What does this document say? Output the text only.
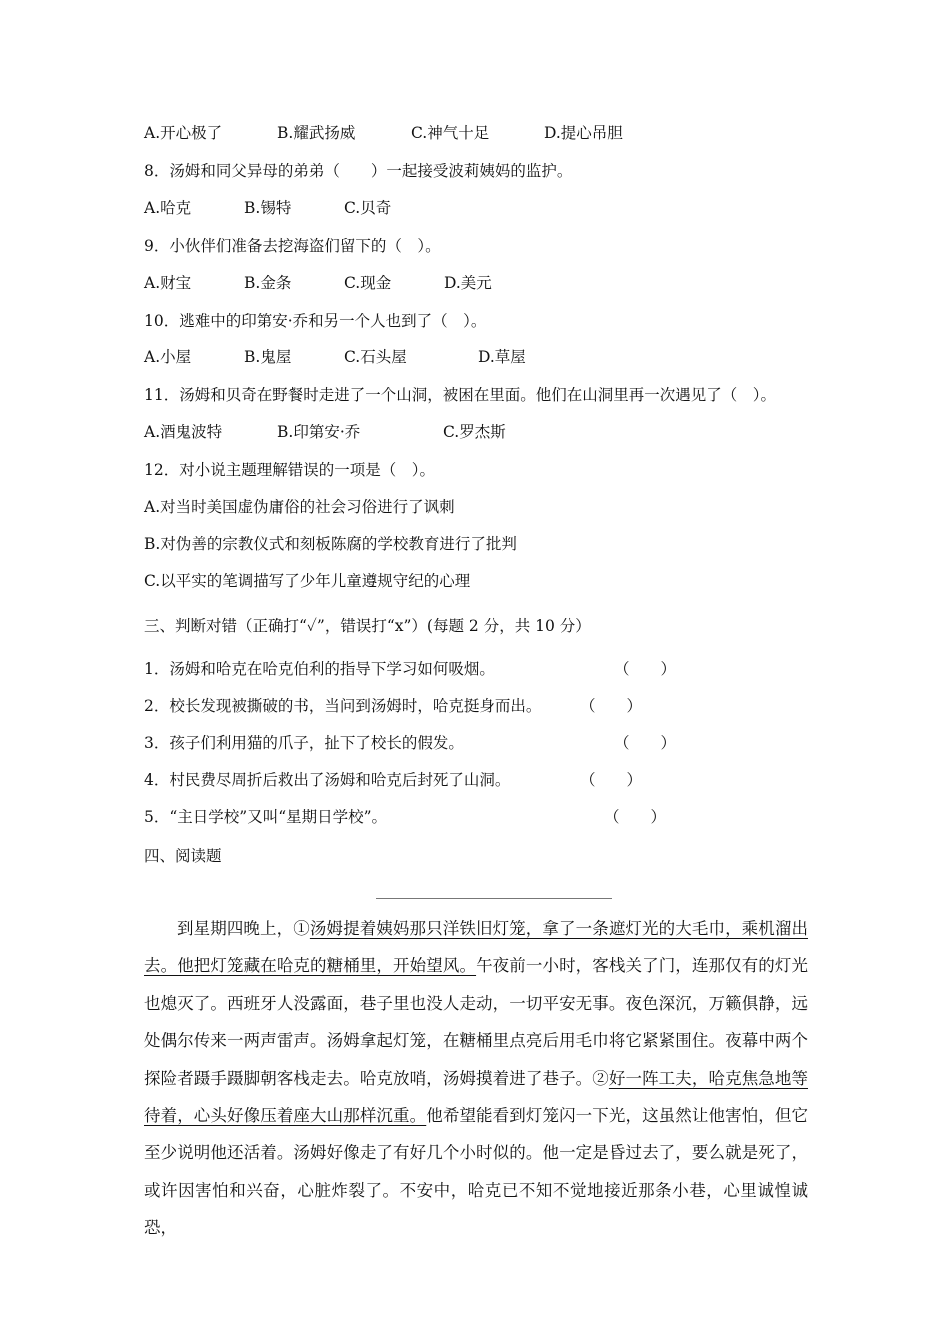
A.开心极了	B.耀武扬威	C.神气十足	D.提心吊胆
8．汤姆和同父异母的弟弟（　　）一起接受波莉姨妈的监护。
A.哈克	B.锡特	C.贝奇
9．小伙伴们准备去挖海盗们留下的（　）。
A.财宝	B.金条	C.现金	D.美元
10．逃难中的印第安·乔和另一个人也到了（　）。
A.小屋	B.鬼屋	C.石头屋	D.草屋
11．汤姆和贝奇在野餐时走进了一个山洞，被困在里面。他们在山洞里再一次遇见了（　）。
A.酒鬼波特	B.印第安·乔	C.罗杰斯
12．对小说主题理解错误的一项是（　）。
A.对当时美国虚伪庸俗的社会习俗进行了讽刺
B.对伪善的宗教仪式和刻板陈腐的学校教育进行了批判
C.以平实的笔调描写了少年儿童遵规守纪的心理
三、判断对错（正确打“✓”，错误打“x”）(每题 2 分，共 10 分）
1．汤姆和哈克在哈克伯利的指导下学习如何吸烟。	（　　）
2．校长发现被撕破的书，当问到汤姆时，哈克挺身而出。 （　　）
3．孩子们利用猫的爪子，扯下了校长的假发。	（　　）
4．村民费尽周折后救出了汤姆和哈克后封死了山洞。	（　　）
5．“主日学校”又叫“星期日学校”。	（　　）
四、阅读题
到星期四晚上，①汤姆提着姨妈那只洋铁旧灯笼，拿了一条遮灯光的大毛巾，乘机溜出去。他把灯笼藏在哈克的糖桶里，开始望风。午夜前一小时，客栈关了门，连那仅有的灯光也熄灭了。西班牙人没露面，巷子里也没人走动，一切平安无事。夜色深沉，万籁俱静，远处偶尔传来一两声雷声。汤姆拿起灯笼，在糖桶里点亮后用毛巾将它紧紧围住。夜幕中两个探险者蹑手蹑脚朝客栈走去。哈克放哨，汤姆摸着进了巷子。②好一阵工夫，哈克焦急地等待着，心头好像压着座大山那样沉重。他希望能看到灯笼闪一下光，这虽然让他害怕，但它至少说明他还活着。汤姆好像走了有好几个小时似的。他一定是昏过去了，要么就是死了，或许因害怕和兴奋，心脏炸裂了。不安中，哈克已不知不觉地接近那条小巷，心里诚惶诚恐，
